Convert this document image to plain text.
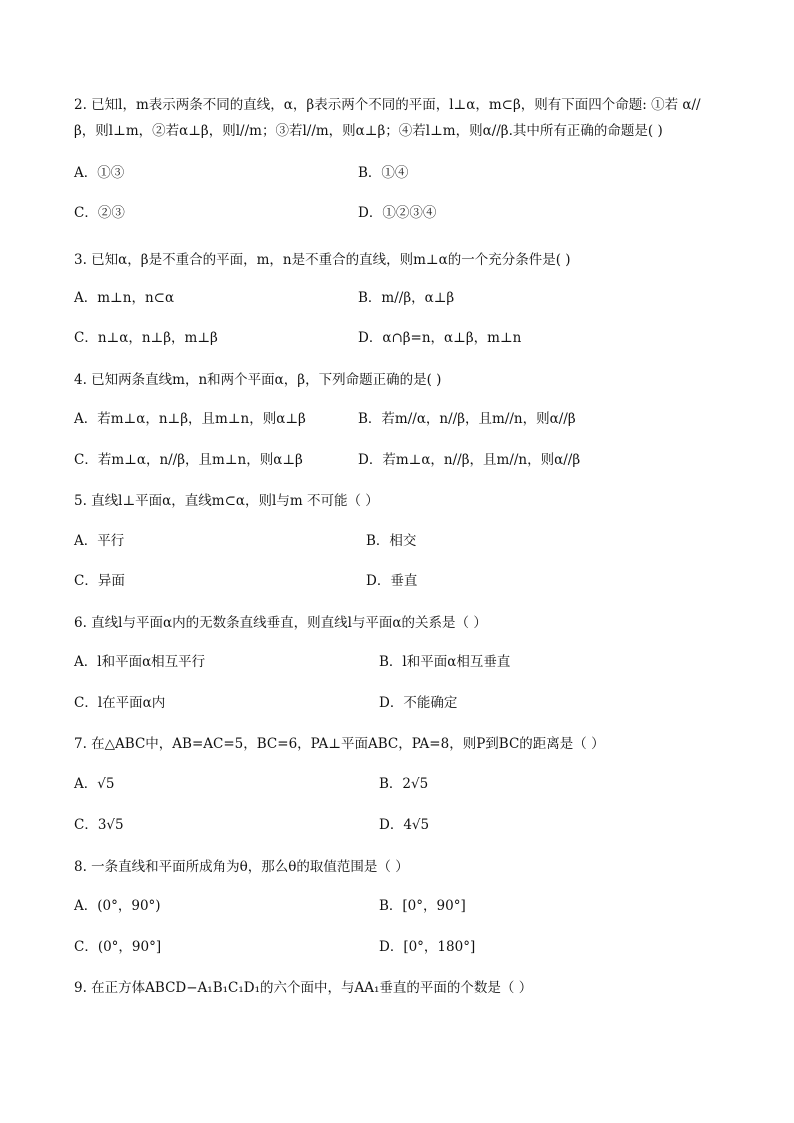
2. 已知l，m表示两条不同的直线，α，β表示两个不同的平面，l⊥α，m⊂β，则有下面四个命题: ①若 α//
β，则l⊥m，②若α⊥β，则l//m；③若l//m，则α⊥β；④若l⊥m，则α//β.其中所有正确的命题是( )
A．①③	B．①④
C．②③	D．①②③④
3. 已知α，β是不重合的平面，m，n是不重合的直线，则m⊥α的一个充分条件是( )
A．m⊥n，n⊂α	B．m//β，α⊥β
C．n⊥α，n⊥β，m⊥β	D．α∩β=n，α⊥β，m⊥n
4. 已知两条直线m，n和两个平面α，β，下列命题正确的是( )
A．若m⊥α，n⊥β，且m⊥n，则α⊥β	B．若m//α，n//β，且m//n，则α//β
C．若m⊥α，n//β，且m⊥n，则α⊥β	D．若m⊥α，n//β，且m//n，则α//β
5. 直线l⊥平面α，直线m⊂α，则l与m 不可能（ ）
A．平行	B．相交
C．异面	D．垂直
6. 直线l与平面α内的无数条直线垂直，则直线l与平面α的关系是（ ）
A．l和平面α相互平行	B．l和平面α相互垂直
C．l在平面α内	D．不能确定
7. 在△ABC中，AB=AC=5，BC=6，PA⊥平面ABC，PA=8，则P到BC的距离是（ ）
A．√5	B．2√5
C．3√5	D．4√5
8. 一条直线和平面所成角为θ，那么θ的取值范围是（ ）
A．(0°，90°)	B．[0°，90°]
C．(0°，90°]	D．[0°，180°]
9. 在正方体ABCD−A₁B₁C₁D₁的六个面中，与AA₁垂直的平面的个数是（ ）
